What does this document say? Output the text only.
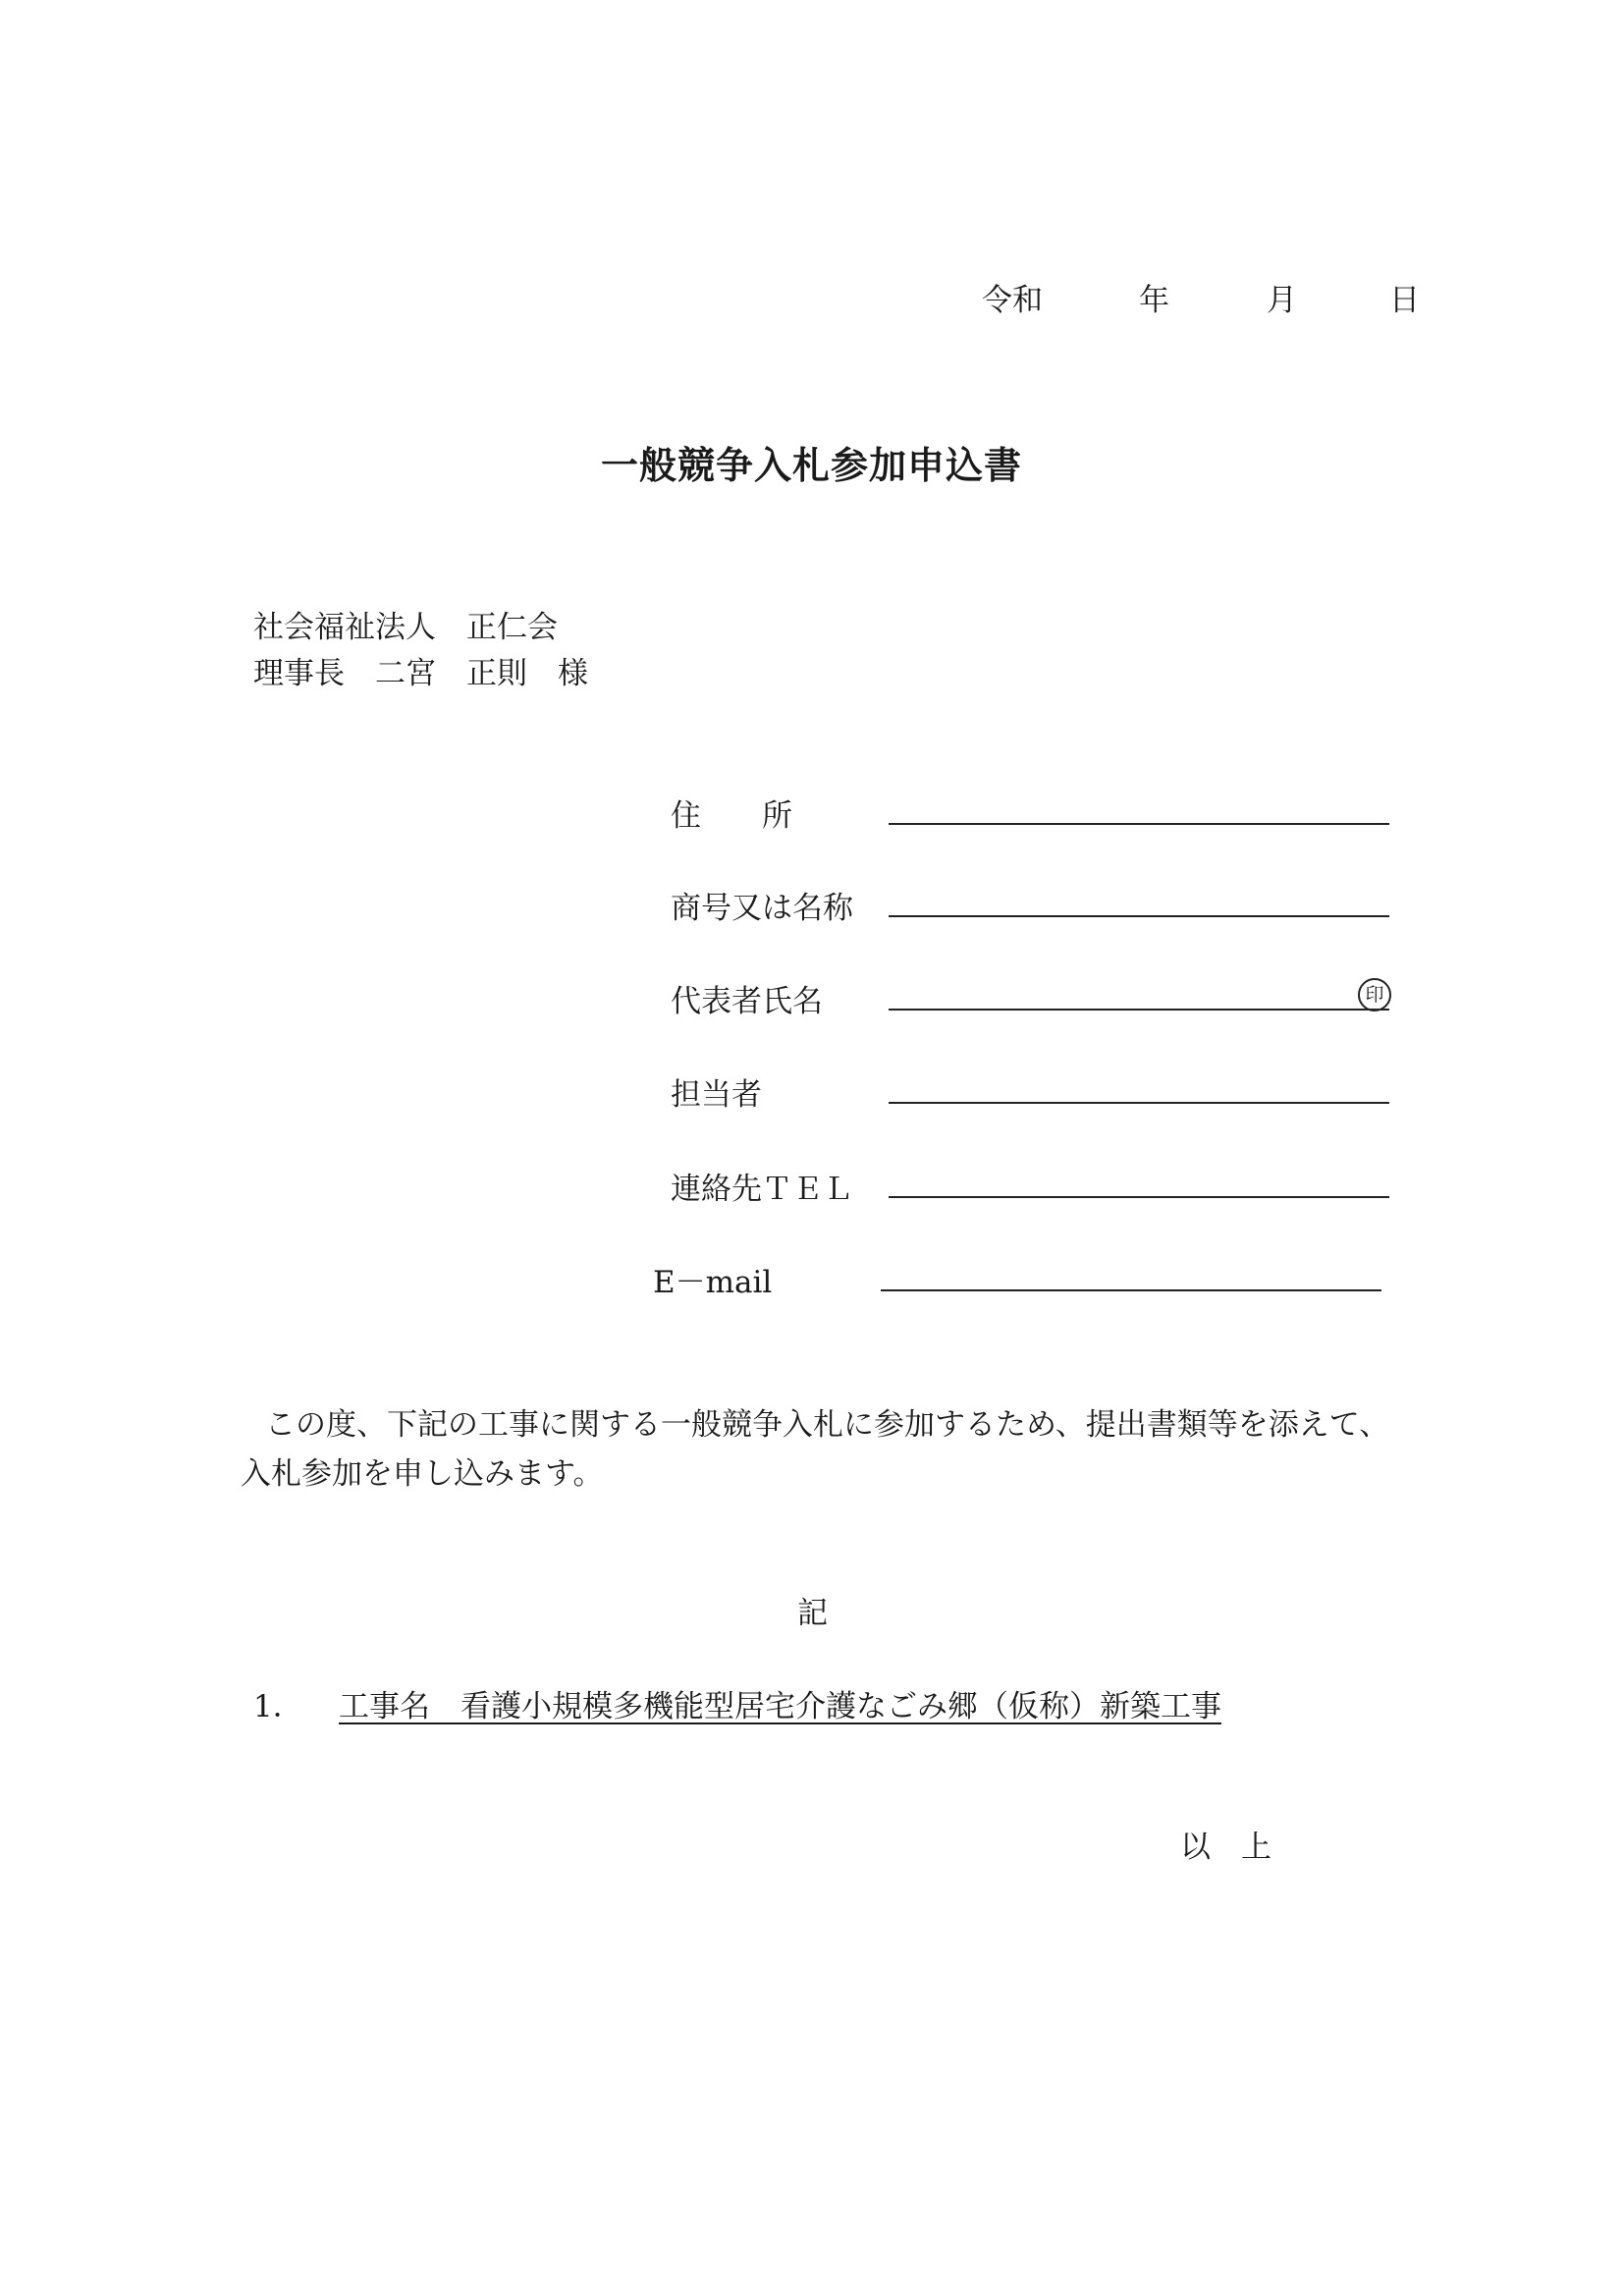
令和	年	月	日
一般競争入札参加申込書
社会福祉法人　正仁会
理事長　二宮　正則　様
住　　所
商号又は名称
代表者氏名	印
担当者
連絡先ＴＥＬ
E－mail
この度、下記の工事に関する一般競争入札に参加するため、提出書類等を添えて、
入札参加を申し込みます。
記
1． 工事名　看護小規模多機能型居宅介護なごみ郷（仮称）新築工事
以　上
